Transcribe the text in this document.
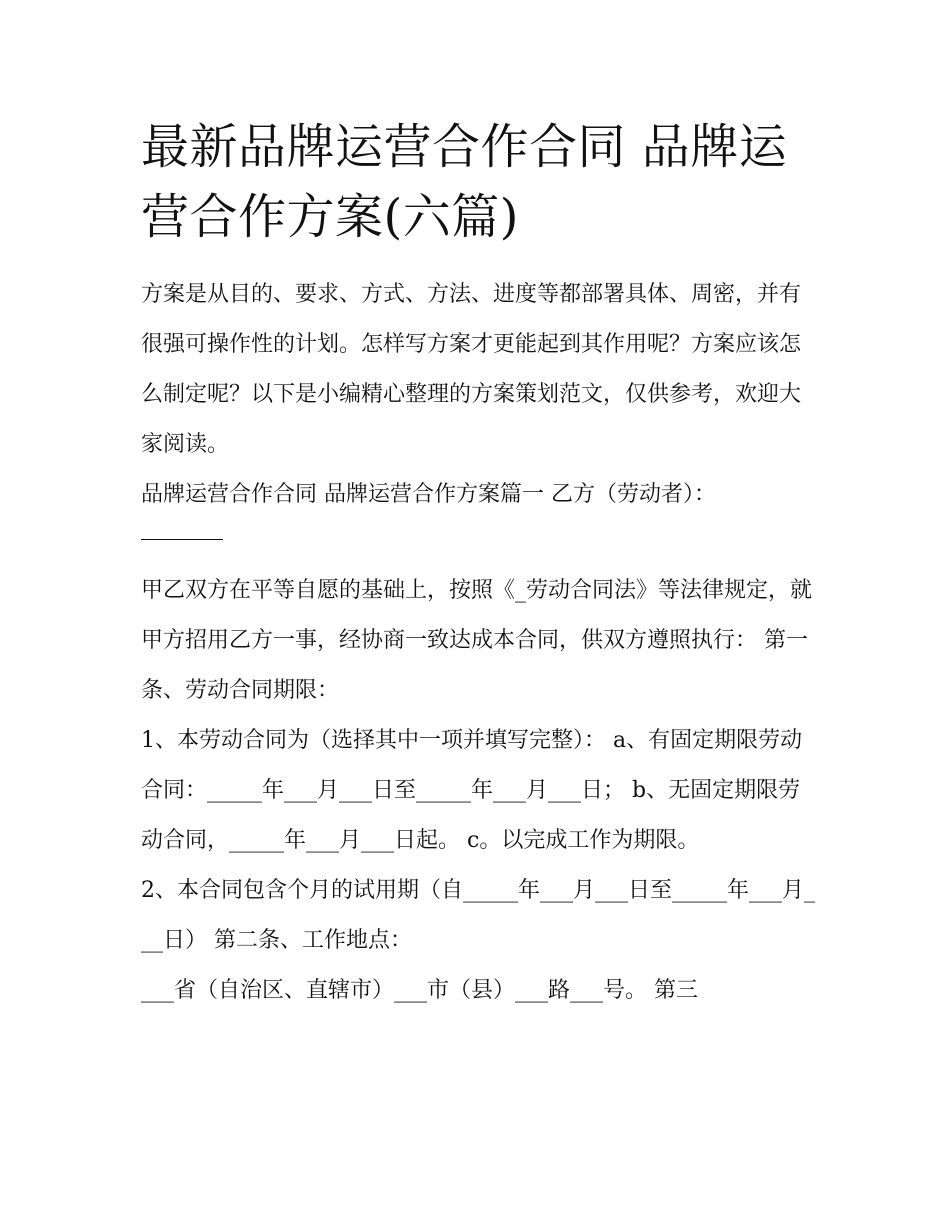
最新品牌运营合作合同 品牌运营合作方案(六篇)

方案是从目的、要求、方式、方法、进度等都部署具体、周密，并有很强可操作性的计划。怎样写方案才更能起到其作用呢？方案应该怎么制定呢？以下是小编精心整理的方案策划范文，仅供参考，欢迎大家阅读。

品牌运营合作合同 品牌运营合作方案篇一 乙方（劳动者）：

甲乙双方在平等自愿的基础上，按照《_劳动合同法》等法律规定，就甲方招用乙方一事，经协商一致达成本合同，供双方遵照执行： 第一条、劳动合同期限：

1、本劳动合同为（选择其中一项并填写完整）： a、有固定期限劳动合同：_____年___月___日至_____年___月___日； b、无固定期限劳动合同，_____年___月___日起。 c。以完成工作为期限。

2、本合同包含个月的试用期（自_____年___月___日至_____年___月___日） 第二条、工作地点：

___省（自治区、直辖市）___市（县）___路___号。 第三
